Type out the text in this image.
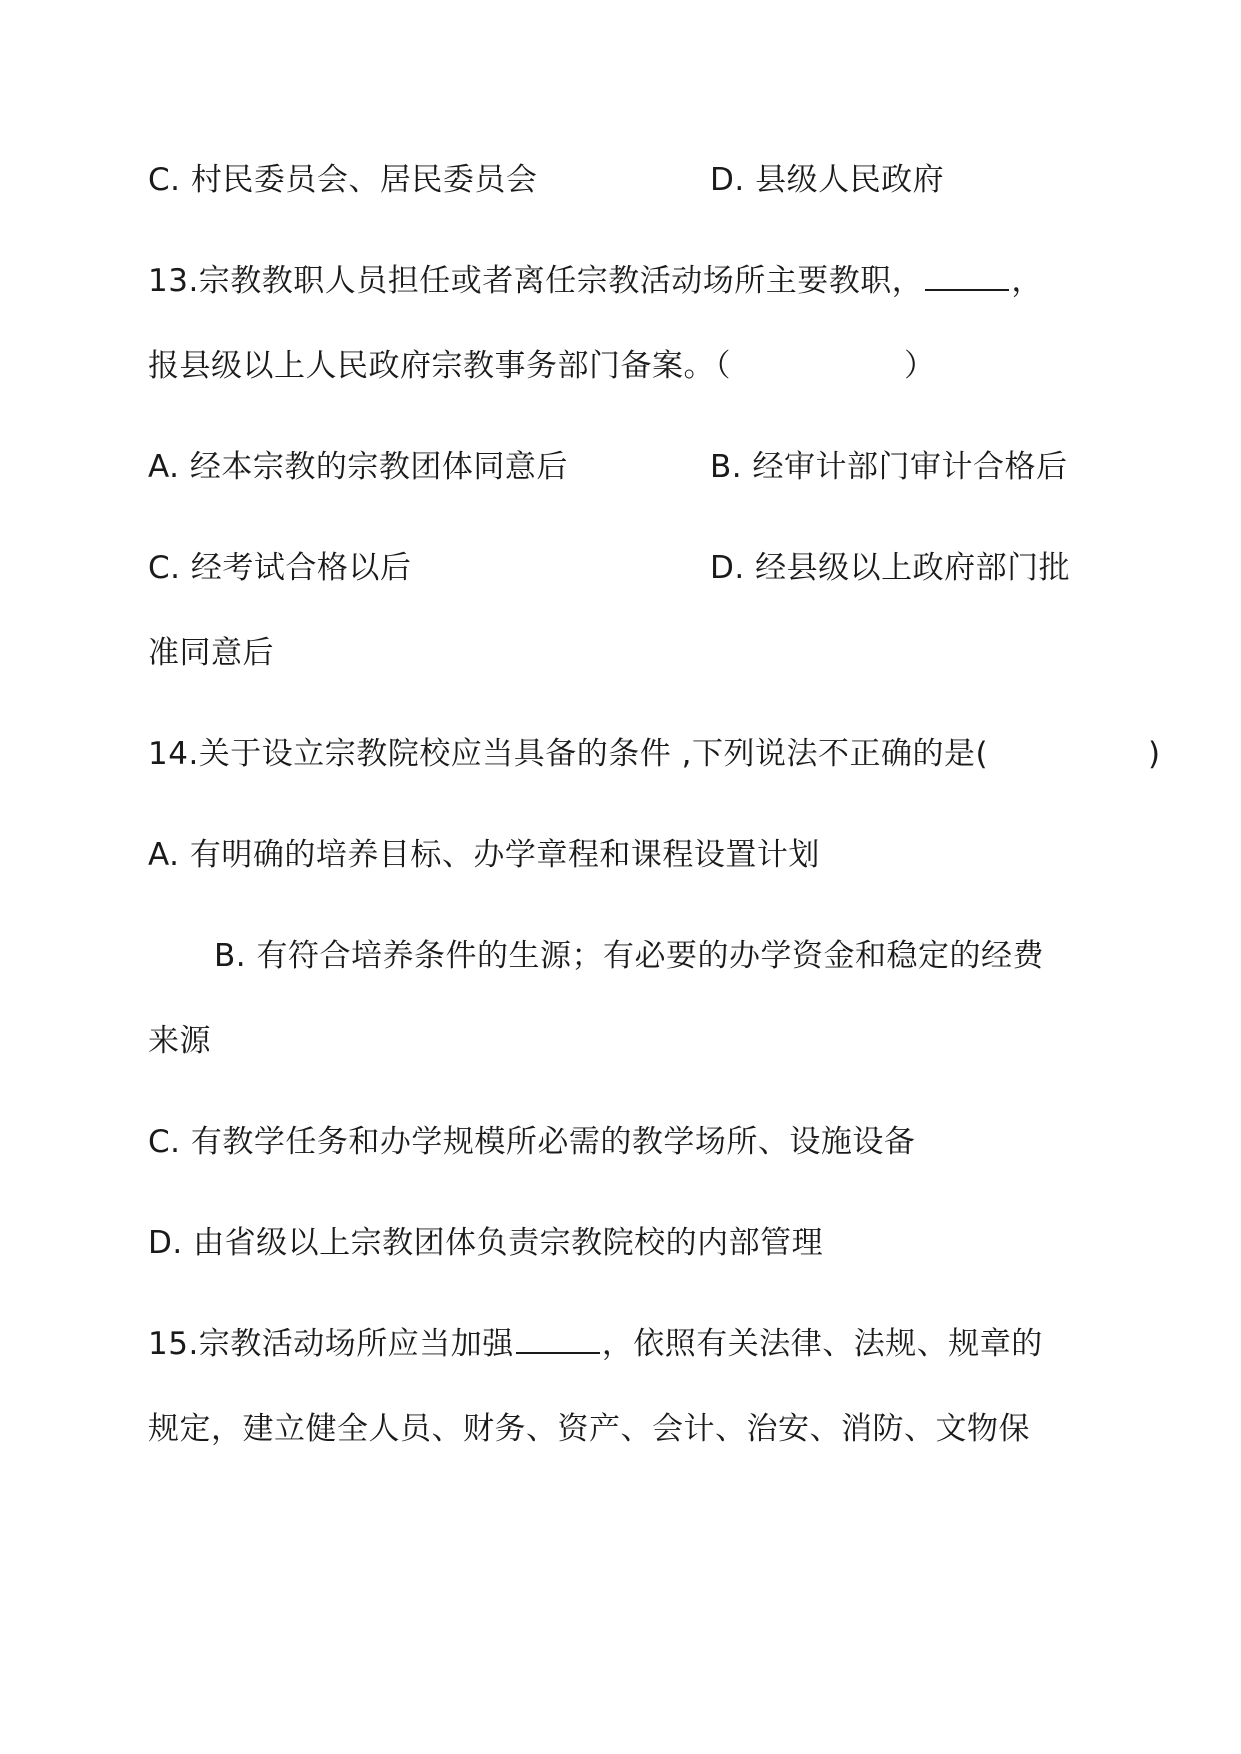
C. 村民委员会、居民委员会	D. 县级人民政府
13.宗教教职人员担任或者离任宗教活动场所主要教职，	，
报县级以上人民政府宗教事务部门备案。（	）
A. 经本宗教的宗教团体同意后	B. 经审计部门审计合格后
C. 经考试合格以后	D. 经县级以上政府部门批
准同意后
14.关于设立宗教院校应当具备的条件 ,下列说法不正确的是(	)
A. 有明确的培养目标、办学章程和课程设置计划
B. 有符合培养条件的生源；有必要的办学资金和稳定的经费
来源
C. 有教学任务和办学规模所必需的教学场所、设施设备
D. 由省级以上宗教团体负责宗教院校的内部管理
15.宗教活动场所应当加强	，依照有关法律、法规、规章的
规定，建立健全人员、财务、资产、会计、治安、消防、文物保
